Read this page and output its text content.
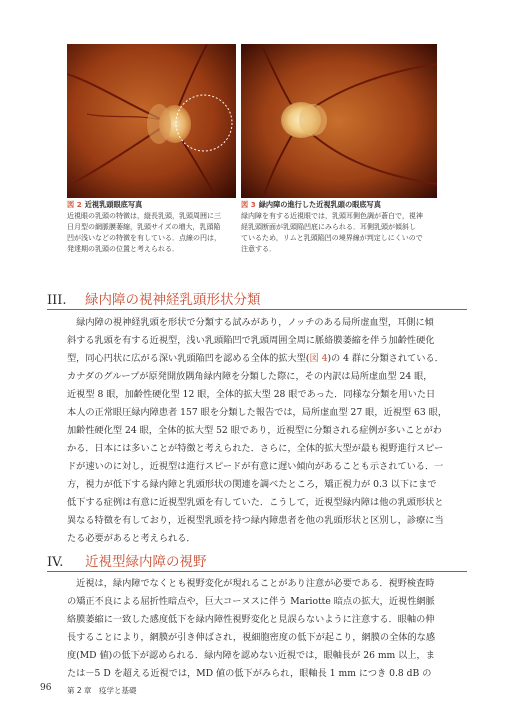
図 2 近視乳頭眼底写真
近視眼の乳頭の特徴は，縦長乳頭，乳頭周囲に三
日月型の網脈膜萎縮，乳頭サイズの増大，乳頭陥
凹が浅いなどの特徴を有している．点線の円は，
発達期の乳頭の位置と考えられる．
図 3 緑内障の進行した近視乳頭の眼底写真
緑内障を有する近視眼では，乳頭耳側色調が蒼白で，視神
経乳頭断面が乳頭陥凹底にみられる．耳側乳頭が傾斜し
ているため，リムと乳頭陥凹の境界線が判定しにくいので
注意する．
III. 緑内障の視神経乳頭形状分類
　緑内障の視神経乳頭を形状で分類する試みがあり，ノッチのある局所虚血型，耳側に傾
斜する乳頭を有する近視型，浅い乳頭陥凹で乳頭周囲全周に脈絡膜萎縮を伴う加齢性硬化
型，同心円状に広がる深い乳頭陥凹を認める全体的拡大型(図 4)の 4 群に分類されている．
カナダのグループが原発開放隅角緑内障を分類した際に，その内訳は局所虚血型 24 眼，
近視型 8 眼，加齢性硬化型 12 眼，全体的拡大型 28 眼であった．同様な分類を用いた日
本人の正常眼圧緑内障患者 157 眼を分類した報告では，局所虚血型 27 眼，近視型 63 眼，
加齢性硬化型 24 眼，全体的拡大型 52 眼であり，近視型に分類される症例が多いことがわ
かる．日本には多いことが特徴と考えられた．さらに，全体的拡大型が最も視野進行スピー
ドが速いのに対し，近視型は進行スピードが有意に遅い傾向があることも示されている．一
方，視力が低下する緑内障と乳頭形状の関連を調べたところ，矯正視力が 0.3 以下にまで
低下する症例は有意に近視型乳頭を有していた．こうして，近視型緑内障は他の乳頭形状と
異なる特徴を有しており，近視型乳頭を持つ緑内障患者を他の乳頭形状と区別し，診療に当
たる必要があると考えられる．
IV. 近視型緑内障の視野
　近視は，緑内障でなくとも視野変化が現れることがあり注意が必要である．視野検査時
の矯正不良による屈折性暗点や，巨大コーヌスに伴う Mariotte 暗点の拡大，近視性網脈
絡膜萎縮に一致した感度低下を緑内障性視野変化と見誤らないように注意する．眼軸の伸
長することにより，網膜が引き伸ばされ，視細胞密度の低下が起こり，網膜の全体的な感
度(MD 値)の低下が認められる．緑内障を認めない近視では，眼軸長が 26 mm 以上，ま
たは－5 D を超える近視では，MD 値の低下がみられ，眼軸長 1 mm につき 0.8 dB の
96 第 2 章　疫学と基礎
